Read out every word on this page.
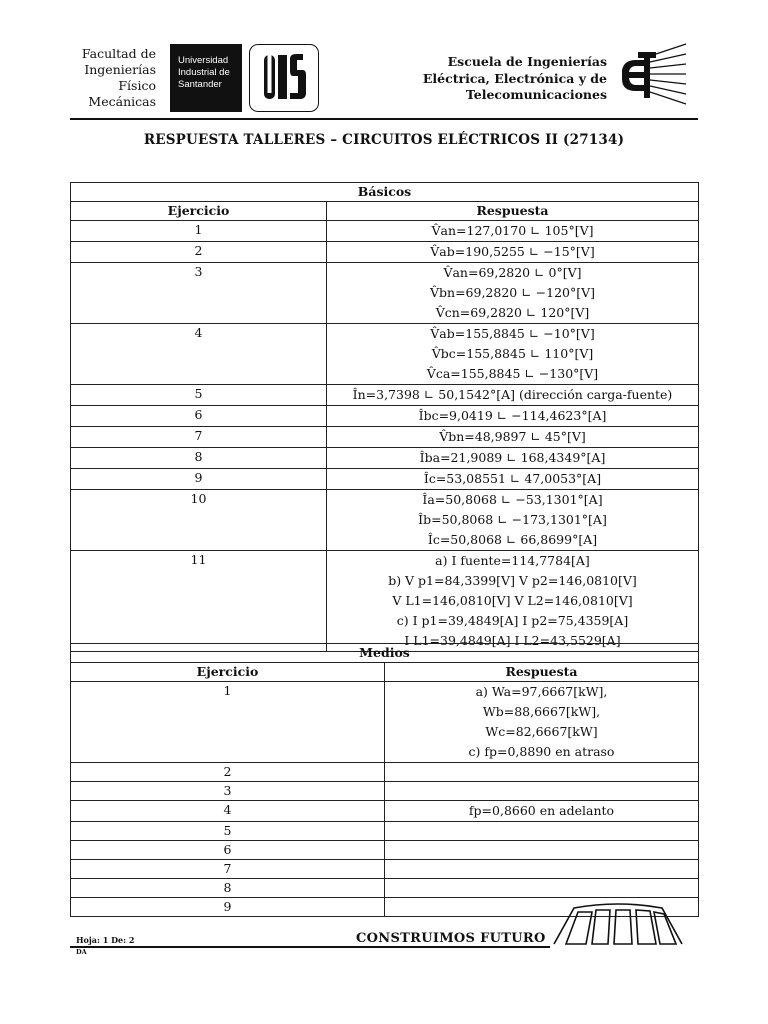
Facultad de
Ingenierías
Físico
Mecánicas
Universidad
Industrial de
Santander
Escuela de Ingenierías
Eléctrica, Electrónica y de
Telecomunicaciones
RESPUESTA TALLERES – CIRCUITOS ELÉCTRICOS II (27134)
Básicos	
Ejercicio	Respuesta
1	V̂an=127,0170 ∟ 105°[V]

2	V̂ab=190,5255 ∟ −15°[V]

3	V̂an=69,2820 ∟ 0°[V]
V̂bn=69,2820 ∟ −120°[V]
V̂cn=69,2820 ∟ 120°[V]

4	V̂ab=155,8845 ∟ −10°[V]
V̂bc=155,8845 ∟ 110°[V]
V̂ca=155,8845 ∟ −130°[V]

5	În=3,7398 ∟ 50,1542°[A] (dirección carga-fuente)

6	Îbc=9,0419 ∟ −114,4623°[A]

7	V̂bn=48,9897 ∟ 45°[V]

8	Îba=21,9089 ∟ 168,4349°[A]

9	Îc=53,08551 ∟ 47,0053°[A]

10	Îa=50,8068 ∟ −53,1301°[A]
Îb=50,8068 ∟ −173,1301°[A]
Îc=50,8068 ∟ 66,8699°[A]

11	a) I fuente=114,7784[A]
b) V p1=84,3399[V] V p2=146,0810[V]
V L1=146,0810[V] V L2=146,0810[V]
c) I p1=39,4849[A] I p2=75,4359[A]
I L1=39,4849[A] I L2=43,5529[A]
Medios	
Ejercicio	Respuesta
1	a) Wa=97,6667[kW],
Wb=88,6667[kW],
Wc=82,6667[kW]
c) fp=0,8890 en atraso

2	
3	
4	fp=0,8660 en adelanto

5	
6	
7	
8	
9	
Hoja: 1 De: 2
DA
CONSTRUIMOS FUTURO
